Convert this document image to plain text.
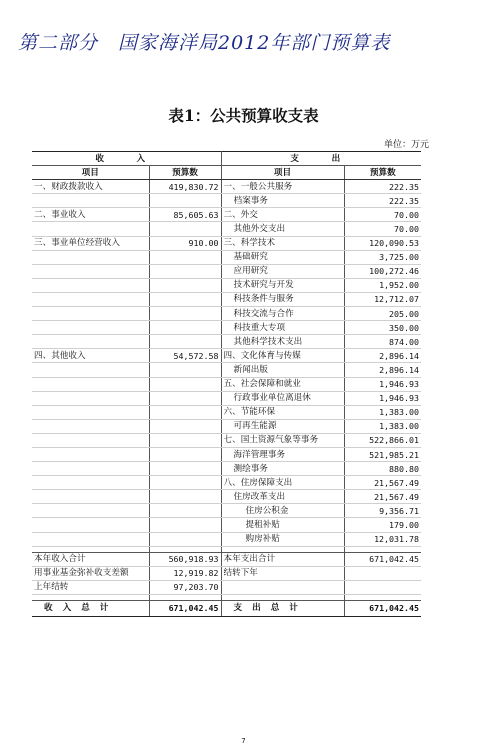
第二部分　国家海洋局2012年部门预算表
表1：公共预算收支表
单位：万元
收　入		支　出	
项目	预算数	项目	预算数
一、财政拨款收入	419,830.72	一、一般公共服务	222.35
		档案事务	222.35
二、事业收入	85,605.63	二、外交	70.00
		其他外交支出	70.00
三、事业单位经营收入	910.00	三、科学技术	120,090.53
		基础研究	3,725.00
		应用研究	100,272.46
		技术研究与开发	1,952.00
		科技条件与服务	12,712.07
		科技交流与合作	205.00
		科技重大专项	350.00
		其他科学技术支出	874.00
四、其他收入	54,572.58	四、文化体育与传媒	2,896.14
		新闻出版	2,896.14
		五、社会保障和就业	1,946.93
		行政事业单位离退休	1,946.93
		六、节能环保	1,383.00
		可再生能源	1,383.00
		七、国土资源气象等事务	522,866.01
		海洋管理事务	521,985.21
		测绘事务	880.80
		八、住房保障支出	21,567.49
		住房改革支出	21,567.49
		住房公积金	9,356.71
		提租补贴	179.00
		购房补贴	12,031.78

本年收入合计	560,918.93	本年支出合计	671,042.45
用事业基金弥补收支差额	12,919.82	结转下年	
上年结转	97,203.70		

收入总计	671,042.45	支出总计	671,042.45
7
